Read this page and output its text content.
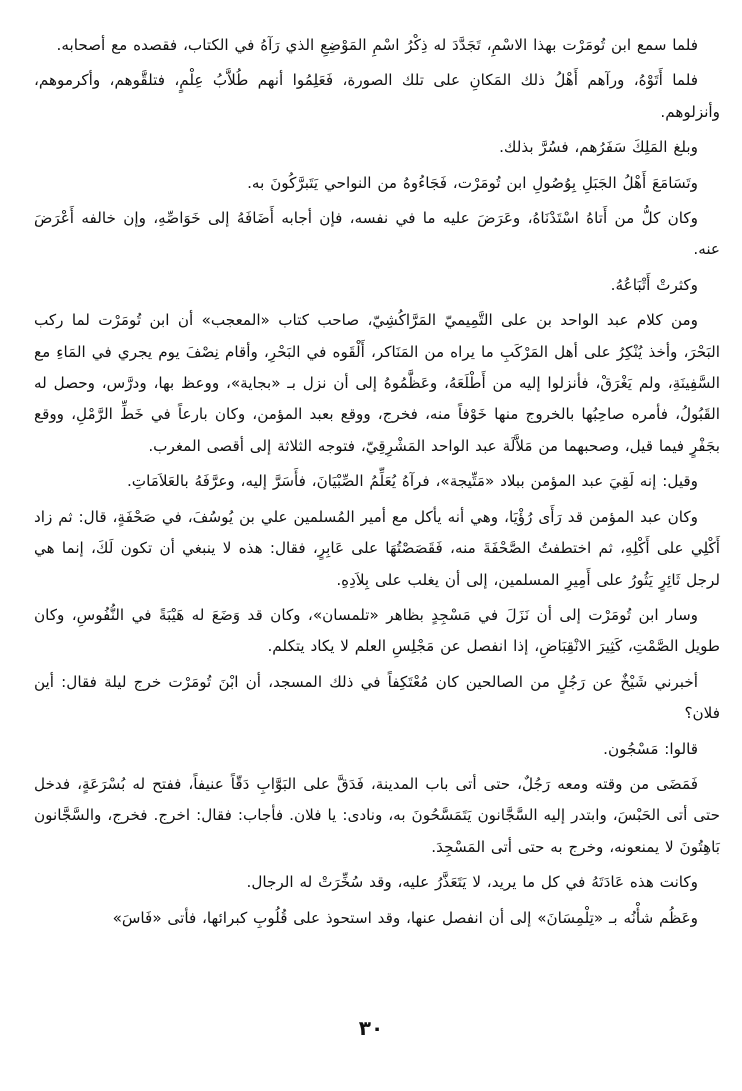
فلما سمع ابن تُومَرْت بهذا الاسْمِ، تَجَدَّدَ له ذِكْرُ اسْمِ المَوْضِعِ الذي رَآهُ في الكتاب، فقصده مع أصحابه.

فلما أَتَوْهُ، ورآهم أَهْلُ ذلك المَكانِ على تلك الصورة، فَعَلِمُوا أنهم طُلاَّبُ عِلْمٍ، فتلقَّوهم، وأكرموهم، وأنزلوهم.

وبلغ المَلِكَ سَفَرُهم، فسُرَّ بذلك.

وتَسَامَعَ أَهْلُ الجَبَلِ بِوُصُولِ ابن تُومَرْت، فَجَاءُوهُ من النواحي يَتَبرَّكُونَ به.

وكان كلُّ من أَتاهُ اسْتَدْنَاهُ، وعَرَضَ عليه ما في نفسه، فإن أجابه أَضَافَهُ إلى خَوَاصِّهِ، وإن خالفه أَعْرَضَ عنه.

وكثرتْ أَتْبَاعُهُ.

ومن كلام عبد الواحد بن على التَّمِيميّ المَرَّاكُشِيّ، صاحب كتاب «المعجب» أن ابن تُومَرْت لما ركب البَحْرَ، وأخذ يُنْكِرُ على أهل المَرْكَبِ ما يراه من المَنَاكر، أَلْقَوه في البَحْرِ، وأقام نِصْفَ يوم يجري في المَاءِ مع السَّفِينَةِ، ولم يَغْرَقْ، فأنزلوا إليه من أَطْلَعَهُ، وعَظَّمُوهُ إلى أن نزل بـ «بجاية»، ووعظ بها، ودرَّس، وحصل له القَبُولُ، فأمره صاحِبُها بالخروج منها خَوْفاً منه، فخرج، ووقع بعبد المؤمن، وكان بارعاً في خَطِّ الرَّمْلِ، ووقع بجَفْرٍ فيما قيل، وصحبهما من مَلاَّلَة عبد الواحد المَشْرِقِيّ، فتوجه الثلاثة إلى أقصى المغرب.

وقيل: إنه لَقِيَ عبد المؤمن ببلاد «مَتِّيجة»، فرآهُ يُعَلِّمُ الصِّبْيَانَ، فأَسَرَّ إليه، وعرَّفَهُ بالعَلاَمَاتِ.

وكان عبد المؤمن قد رَأَى رُؤْيَا، وهي أنه يأكل مع أمير المُسلمين علي بن يُوسُفَ، في صَحْفَةٍ، قال: ثم زاد أَكْلِي على أَكْلِهِ، ثم اختطفتُ الصَّحْفَةَ منه، فَقَصَصْتُهَا على عَابِرٍ، فقال: هذه لا ينبغي أن تكون لَكَ، إنما هي لرجل ثَائِرٍ يَثُورُ على أَمِيرِ المسلمين، إلى أن يغلب على بِلاَدِهِ.

وسار ابن تُومَرْت إلى أن نَزَلَ في مَسْجِدٍ بظاهر «تلمسان»، وكان قد وَضَعَ له هَيْبَةً في النُّفُوسِ، وكان طويل الصَّمْتِ، كَثِيرَ الانْقِبَاضِ، إذا انفصل عن مَجْلِسِ العلم لا يكاد يتكلم.

أخبرني شَيْخٌ عن رَجُلٍ من الصالحين كان مُعْتَكِفاً في ذلك المسجد، أن ابْنَ تُومَرْت خرج ليلة فقال: أين فلان؟

قالوا: مَسْجُون.

فَمَضَى من وقته ومعه رَجُلٌ، حتى أتى باب المدينة، فَدَقَّ على البَوَّابِ دَقّاً عنيفاً، ففتح له بُسْرَعَةٍ، فدخل حتى أتى الحَبْسَ، وابتدر إليه السَّجَّانون يَتَمَسَّحُونَ به، ونادى: يا فلان. فأجاب: فقال: اخرج. فخرج، والسَّجَّانون بَاهِتُونَ لا يمنعونه، وخرج به حتى أتى المَسْجِدَ.

وكانت هذه عَادَتَهُ في كل ما يريد، لا يَتَعَذَّرُ عليه، وقد سُخِّرَتْ له الرجال.

وعَظُم شأْنُه بـ «تِلْمِسَانَ» إلى أن انفصل عنها، وقد استحوذ على قُلُوبِ كبرائها، فأتى «فَاسَ»

٣٠
